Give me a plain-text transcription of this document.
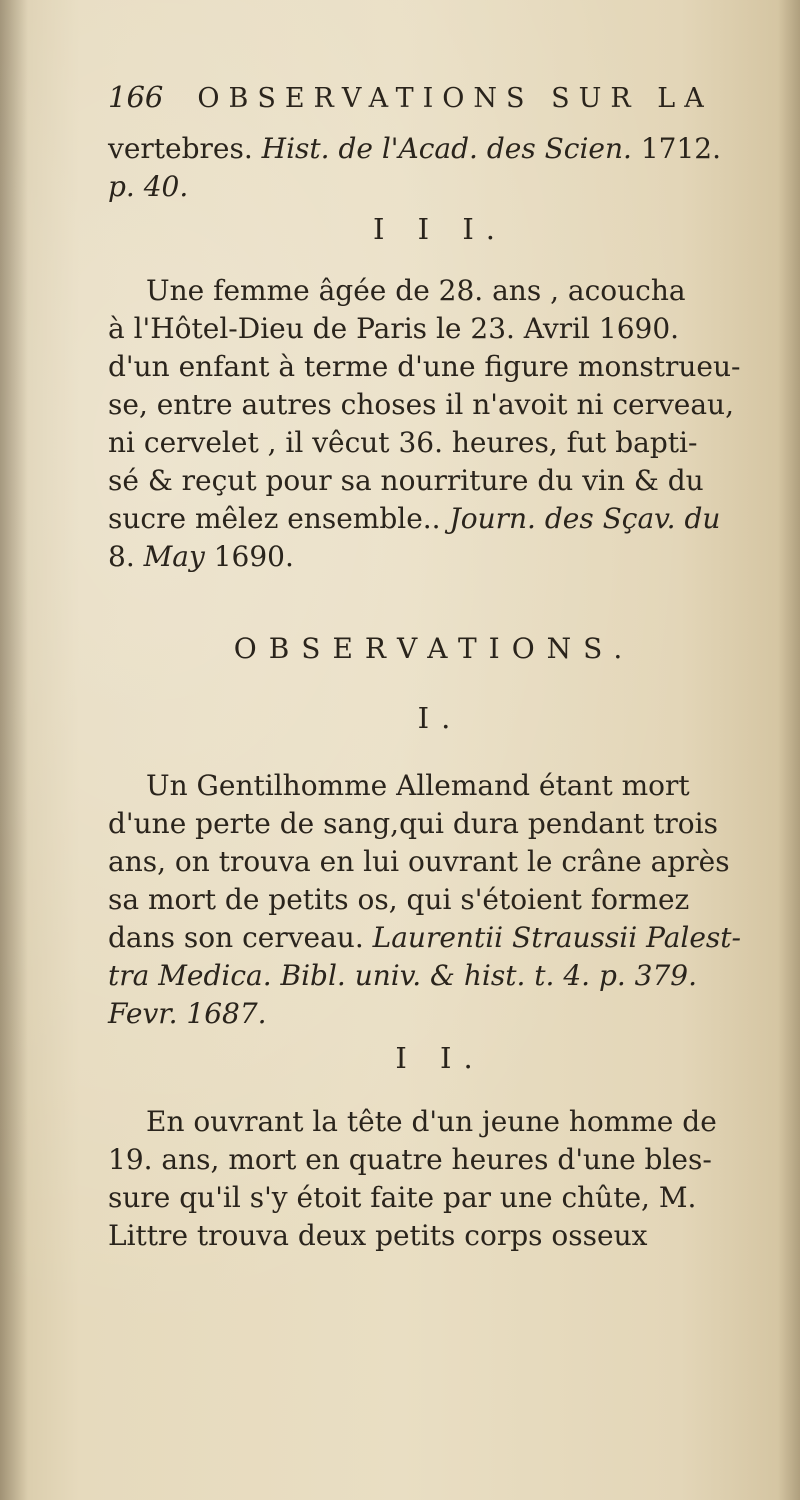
166 OBSERVATIONS SUR LA

vertebres. Hist. de l'Acad. des Scien. 1712.
p. 40.

I I I.

Une femme âgée de 28. ans , acoucha
à l'Hôtel-Dieu de Paris le 23. Avril 1690.
d'un enfant à terme d'une figure monstrueu-
se, entre autres choses il n'avoit ni cerveau,
ni cervelet , il vêcut 36. heures, fut bapti-
sé & reçut pour sa nourriture du vin & du
sucre mêlez ensemble.. Journ. des Sçav. du
8. May 1690.

OBSERVATIONS.

I.

Un Gentilhomme Allemand étant mort
d'une perte de sang,qui dura pendant trois
ans, on trouva en lui ouvrant le crâne après
sa mort de petits os, qui s'étoient formez
dans son cerveau. Laurentii Straussii Palest-
tra Medica. Bibl. univ. & hist. t. 4. p. 379.
Fevr. 1687.

I I.

En ouvrant la tête d'un jeune homme de
19. ans, mort en quatre heures d'une bles-
sure qu'il s'y étoit faite par une chûte, M.
Littre trouva deux petits corps osseux
